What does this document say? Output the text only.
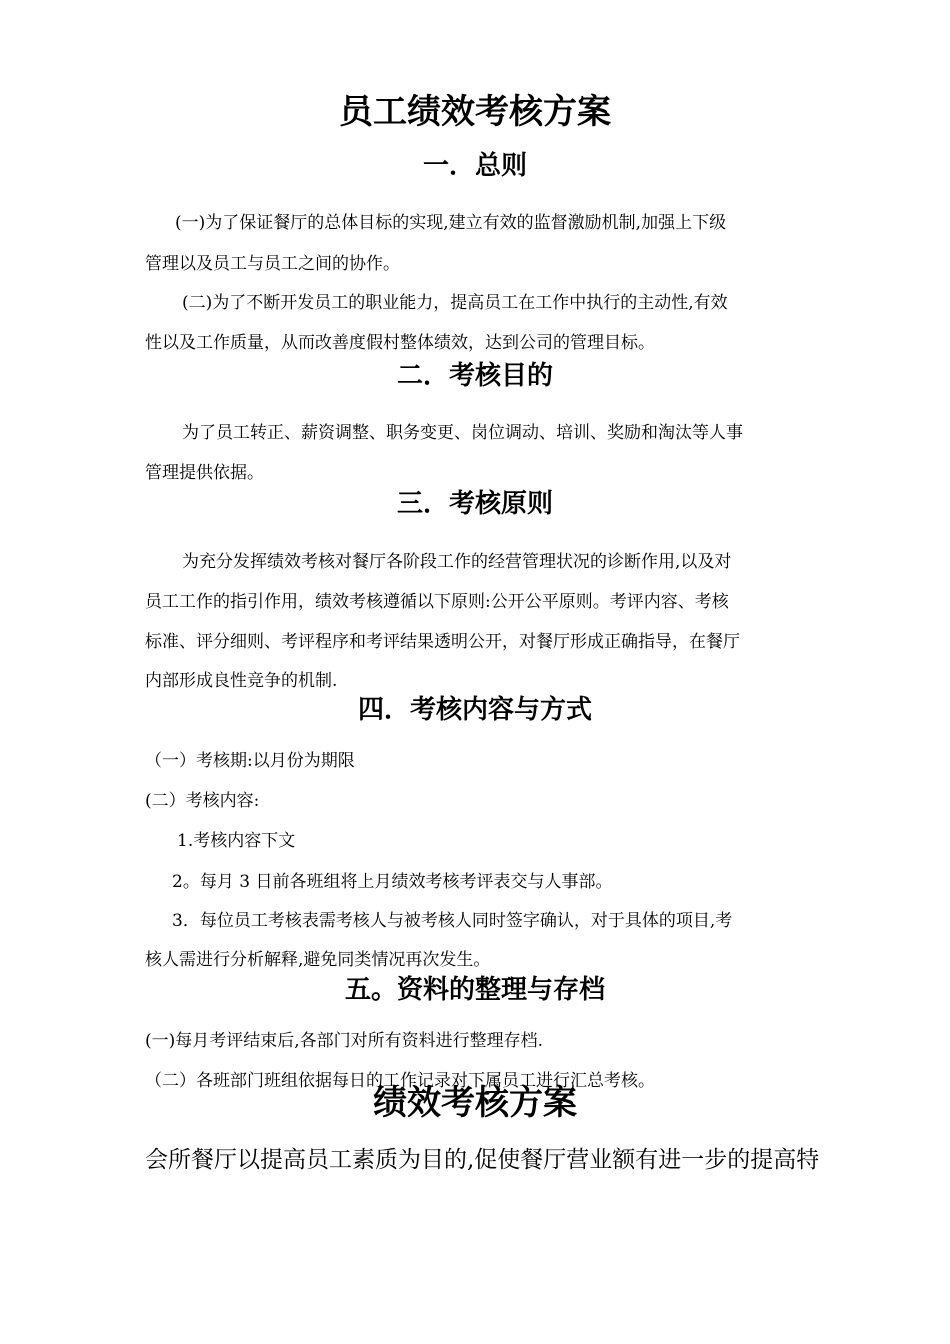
员工绩效考核方案
一．总则

(一)为了保证餐厅的总体目标的实现,建立有效的监督激励机制,加强上下级

管理以及员工与员工之间的协作。

(二)为了不断开发员工的职业能力，提高员工在工作中执行的主动性,有效

性以及工作质量，从而改善度假村整体绩效，达到公司的管理目标。

二．考核目的

为了员工转正、薪资调整、职务变更、岗位调动、培训、奖励和淘汰等人事

管理提供依据。

三．考核原则

为充分发挥绩效考核对餐厅各阶段工作的经营管理状况的诊断作用,以及对

员工工作的指引作用，绩效考核遵循以下原则:公开公平原则。考评内容、考核

标准、评分细则、考评程序和考评结果透明公开，对餐厅形成正确指导，在餐厅

内部形成良性竞争的机制.

四．考核内容与方式

（一）考核期:以月份为期限

(二）考核内容:

1.考核内容下文

2。每月 3 日前各班组将上月绩效考核考评表交与人事部。

3．每位员工考核表需考核人与被考核人同时签字确认，对于具体的项目,考

核人需进行分析解释,避免同类情况再次发生。

五。资料的整理与存档

(一)每月考评结束后,各部门对所有资料进行整理存档.

（二）各班部门班组依据每日的工作记录对下属员工进行汇总考核。

绩效考核方案

会所餐厅以提高员工素质为目的,促使餐厅营业额有进一步的提高特
